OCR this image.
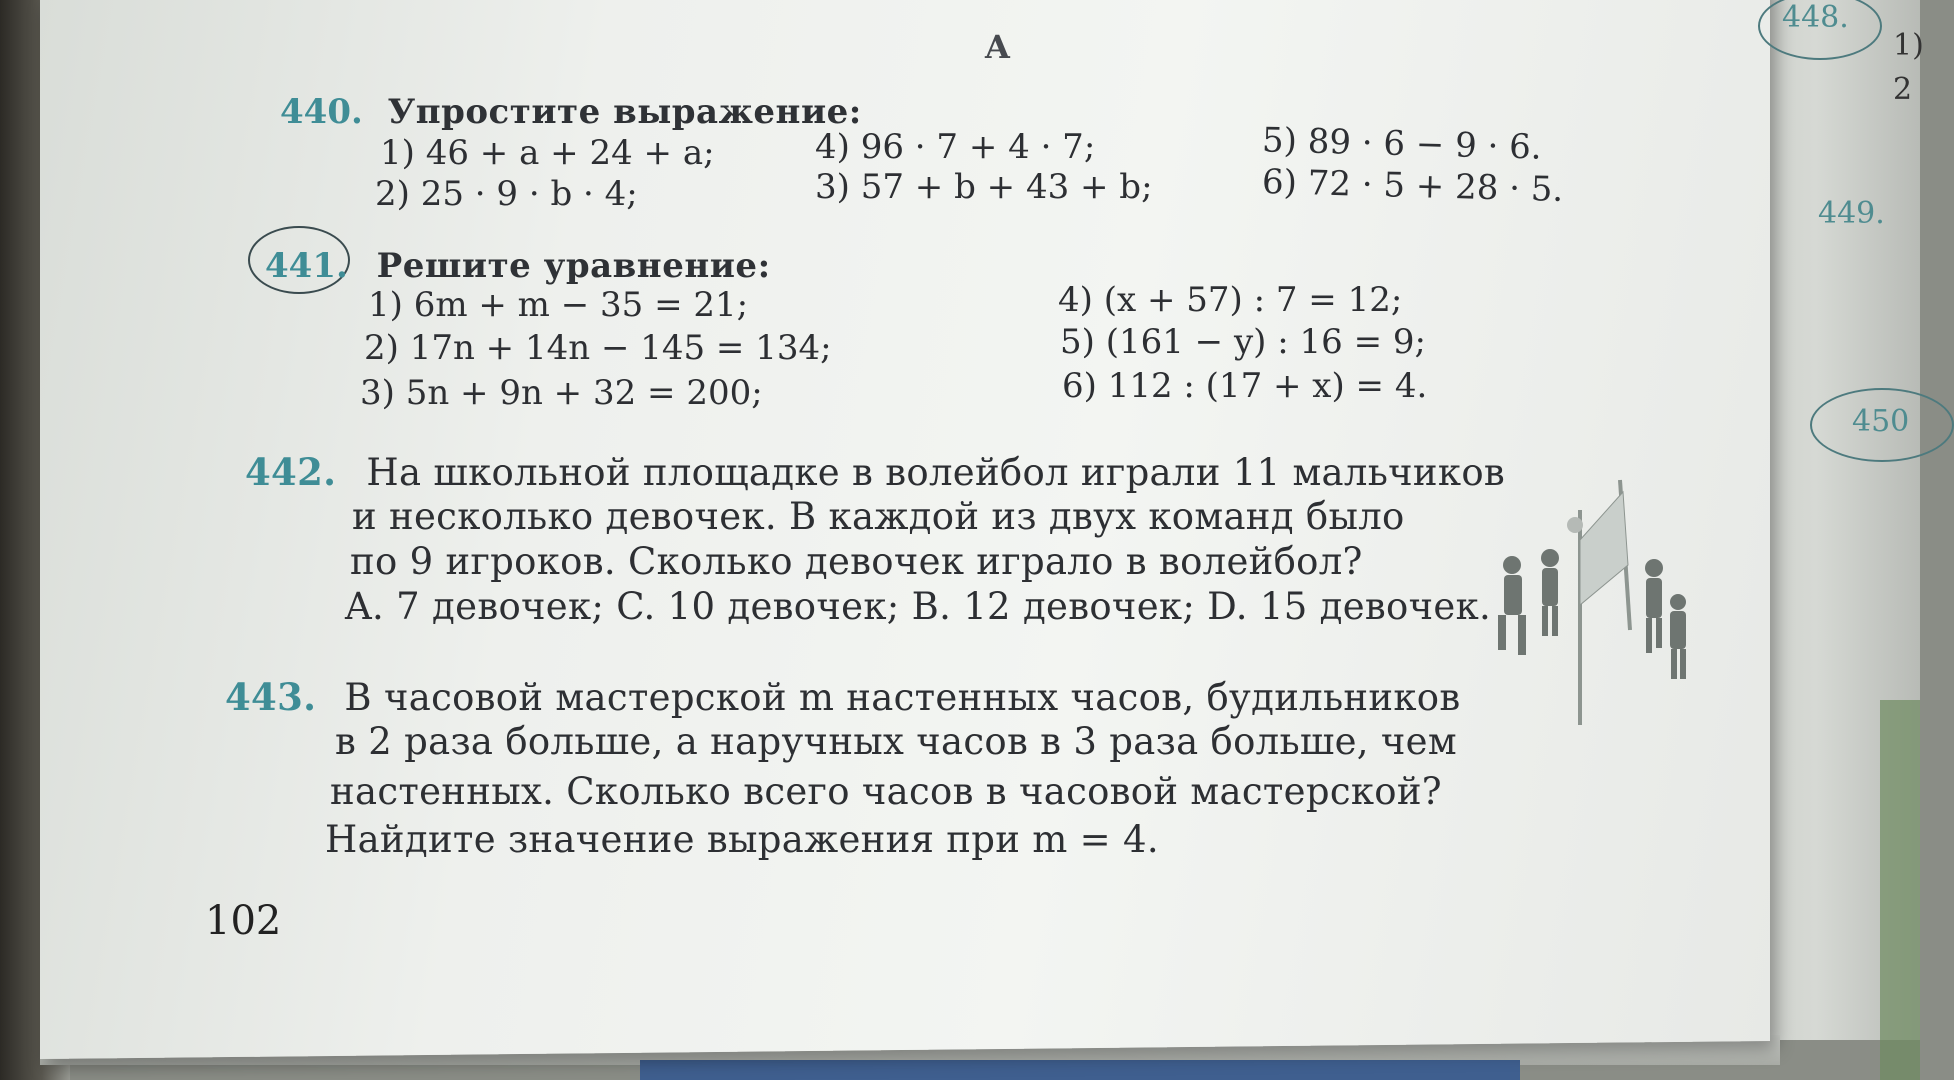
A
440. Упростите выражение:
1) 46 + a + 24 + a;	4) 96 · 7 + 4 · 7;	5) 89 · 6 − 9 · 6.
2) 25 · 9 · b · 4;	3) 57 + b + 43 + b;	6) 72 · 5 + 28 · 5.
441. Решите уравнение:
1) 6m + m − 35 = 21;	4) (x + 57) : 7 = 12;
2) 17n + 14n − 145 = 134;	5) (161 − y) : 16 = 9;
3) 5n + 9n + 32 = 200;	6) 112 : (17 + x) = 4.
442. На школьной площадке в волейбол играли 11 мальчиков
и несколько девочек. В каждой из двух команд было
по 9 игроков. Сколько девочек играло в волейбол?
A. 7 девочек; C. 10 девочек; B. 12 девочек; D. 15 девочек.
443. В часовой мастерской m настенных часов, будильников
в 2 раза больше, а наручных часов в 3 раза больше, чем
настенных. Сколько всего часов в часовой мастерской?
Найдите значение выражения при m = 4.
102
448.
1)
2
449.
450
